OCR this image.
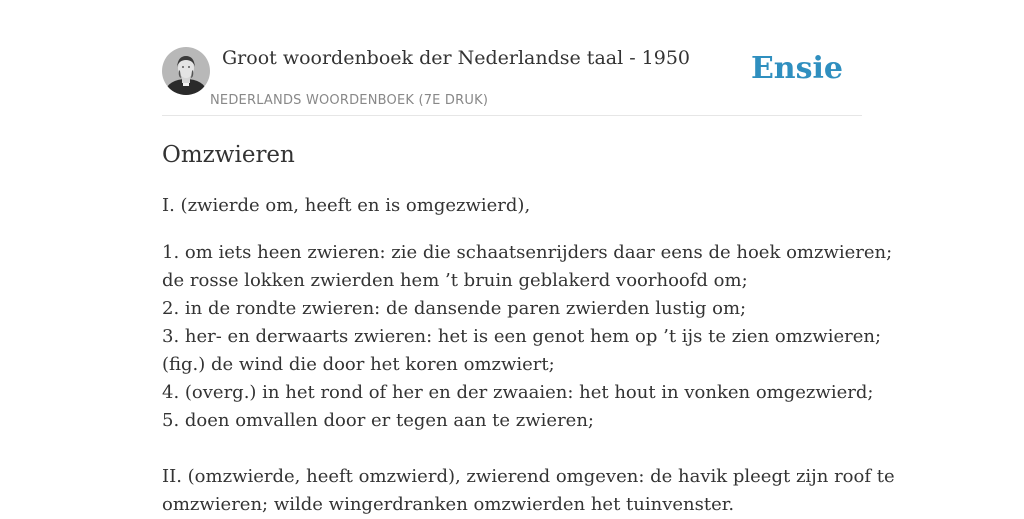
Groot woordenboek der Nederlandse taal - 1950
NEDERLANDS WOORDENBOEK (7E DRUK)
Ensie
Omzwieren
I. (zwierde om, heeft en is omgezwierd),
1. om iets heen zwieren: zie die schaatsenrijders daar eens de hoek omzwieren;
de rosse lokken zwierden hem ’t bruin geblakerd voorhoofd om;
2. in de rondte zwieren: de dansende paren zwierden lustig om;
3. her- en derwaarts zwieren: het is een genot hem op ’t ijs te zien omzwieren;
(fig.) de wind die door het koren omzwiert;
4. (overg.) in het rond of her en der zwaaien: het hout in vonken omgezwierd;
5. doen omvallen door er tegen aan te zwieren;
II. (omzwierde, heeft omzwierd), zwierend omgeven: de havik pleegt zijn roof te
omzwieren; wilde wingerdranken omzwierden het tuinvenster.
